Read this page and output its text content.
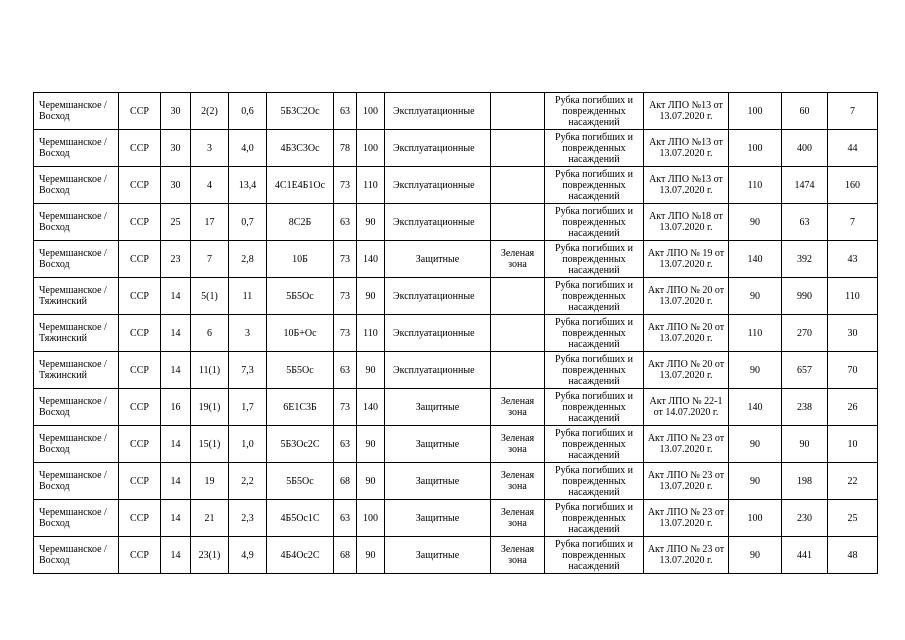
Черемшанское / Восход	ССР	30	2(2)	0,6	5Б3С2Ос	63	100	Эксплуатационные		Рубка погибших и поврежденных насаждений	Акт ЛПО №13 от 13.07.2020 г.	100	60	7
Черемшанское / Восход	ССР	30	3	4,0	4Б3С3Ос	78	100	Эксплуатационные		Рубка погибших и поврежденных насаждений	Акт ЛПО №13 от 13.07.2020 г.	100	400	44
Черемшанское / Восход	ССР	30	4	13,4	4С1Е4Б1Ос	73	110	Эксплуатационные		Рубка погибших и поврежденных насаждений	Акт ЛПО №13 от 13.07.2020 г.	110	1474	160
Черемшанское / Восход	ССР	25	17	0,7	8С2Б	63	90	Эксплуатационные		Рубка погибших и поврежденных насаждений	Акт ЛПО №18 от 13.07.2020 г.	90	63	7
Черемшанское / Восход	ССР	23	7	2,8	10Б	73	140	Защитные	Зеленая зона	Рубка погибших и поврежденных насаждений	Акт ЛПО № 19 от 13.07.2020 г.	140	392	43
Черемшанское / Тяжинский	ССР	14	5(1)	11	5Б5Ос	73	90	Эксплуатационные		Рубка погибших и поврежденных насаждений	Акт ЛПО № 20 от 13.07.2020 г.	90	990	110
Черемшанское / Тяжинский	ССР	14	6	3	10Б+Ос	73	110	Эксплуатационные		Рубка погибших и поврежденных насаждений	Акт ЛПО № 20 от 13.07.2020 г.	110	270	30
Черемшанское / Тяжинский	ССР	14	11(1)	7,3	5Б5Ос	63	90	Эксплуатационные		Рубка погибших и поврежденных насаждений	Акт ЛПО № 20 от 13.07.2020 г.	90	657	70
Черемшанское / Восход	ССР	16	19(1)	1,7	6Е1С3Б	73	140	Защитные	Зеленая зона	Рубка погибших и поврежденных насаждений	Акт ЛПО № 22-1 от 14.07.2020 г.	140	238	26
Черемшанское / Восход	ССР	14	15(1)	1,0	5Б3Ос2С	63	90	Защитные	Зеленая зона	Рубка погибших и поврежденных насаждений	Акт ЛПО № 23 от 13.07.2020 г.	90	90	10
Черемшанское / Восход	ССР	14	19	2,2	5Б5Ос	68	90	Защитные	Зеленая зона	Рубка погибших и поврежденных насаждений	Акт ЛПО № 23 от 13.07.2020 г.	90	198	22
Черемшанское / Восход	ССР	14	21	2,3	4Б5Ос1С	63	100	Защитные	Зеленая зона	Рубка погибших и поврежденных насаждений	Акт ЛПО № 23 от 13.07.2020 г.	100	230	25
Черемшанское / Восход	ССР	14	23(1)	4,9	4Б4Ос2С	68	90	Защитные	Зеленая зона	Рубка погибших и поврежденных насаждений	Акт ЛПО № 23 от 13.07.2020 г.	90	441	48
